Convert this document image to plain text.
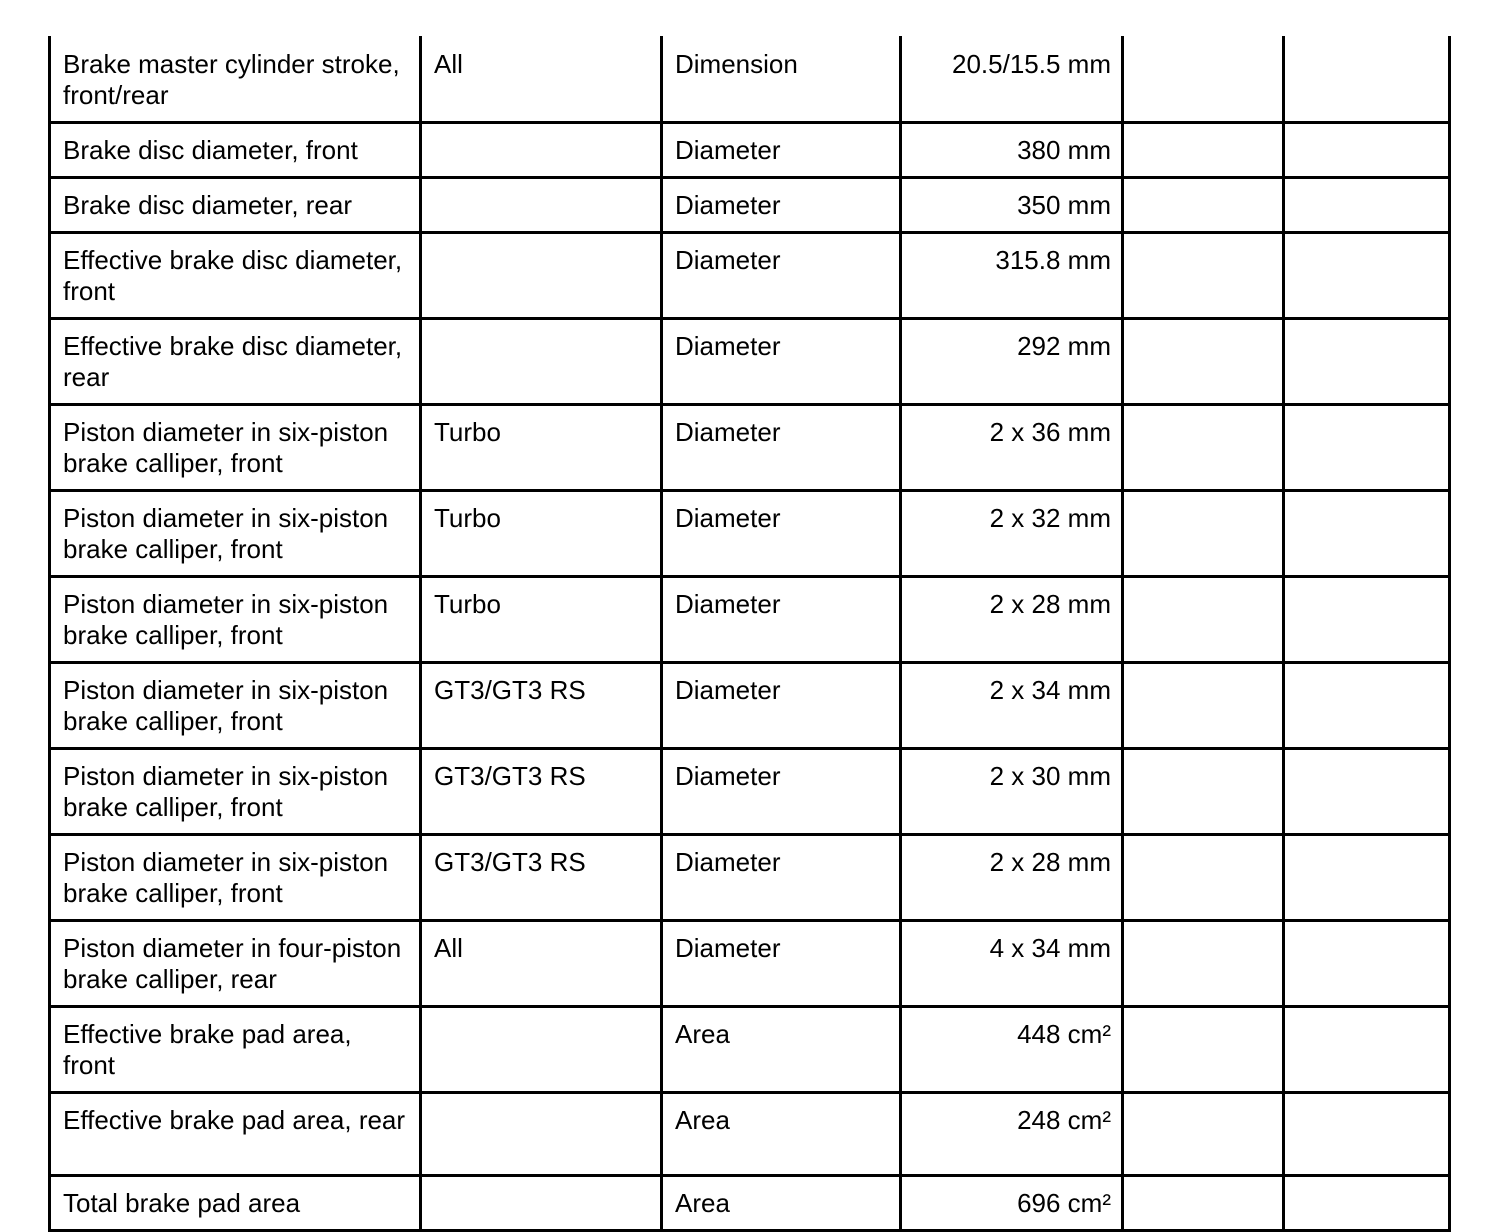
Brake master cylinder stroke, front/rear	All	Dimension	20.5/15.5 mm		
Brake disc diameter, front		Diameter	380 mm		
Brake disc diameter, rear		Diameter	350 mm		
Effective brake disc diameter, front		Diameter	315.8 mm		
Effective brake disc diameter, rear		Diameter	292 mm		
Piston diameter in six-piston brake calliper, front	Turbo	Diameter	2 x 36 mm		
Piston diameter in six-piston brake calliper, front	Turbo	Diameter	2 x 32 mm		
Piston diameter in six-piston brake calliper, front	Turbo	Diameter	2 x 28 mm		
Piston diameter in six-piston brake calliper, front	GT3/GT3 RS	Diameter	2 x 34 mm		
Piston diameter in six-piston brake calliper, front	GT3/GT3 RS	Diameter	2 x 30 mm		
Piston diameter in six-piston brake calliper, front	GT3/GT3 RS	Diameter	2 x 28 mm		
Piston diameter in four-piston brake calliper, rear	All	Diameter	4 x 34 mm		
Effective brake pad area, front		Area	448 cm²		
Effective brake pad area, rear		Area	248 cm²		
Total brake pad area		Area	696 cm²		
